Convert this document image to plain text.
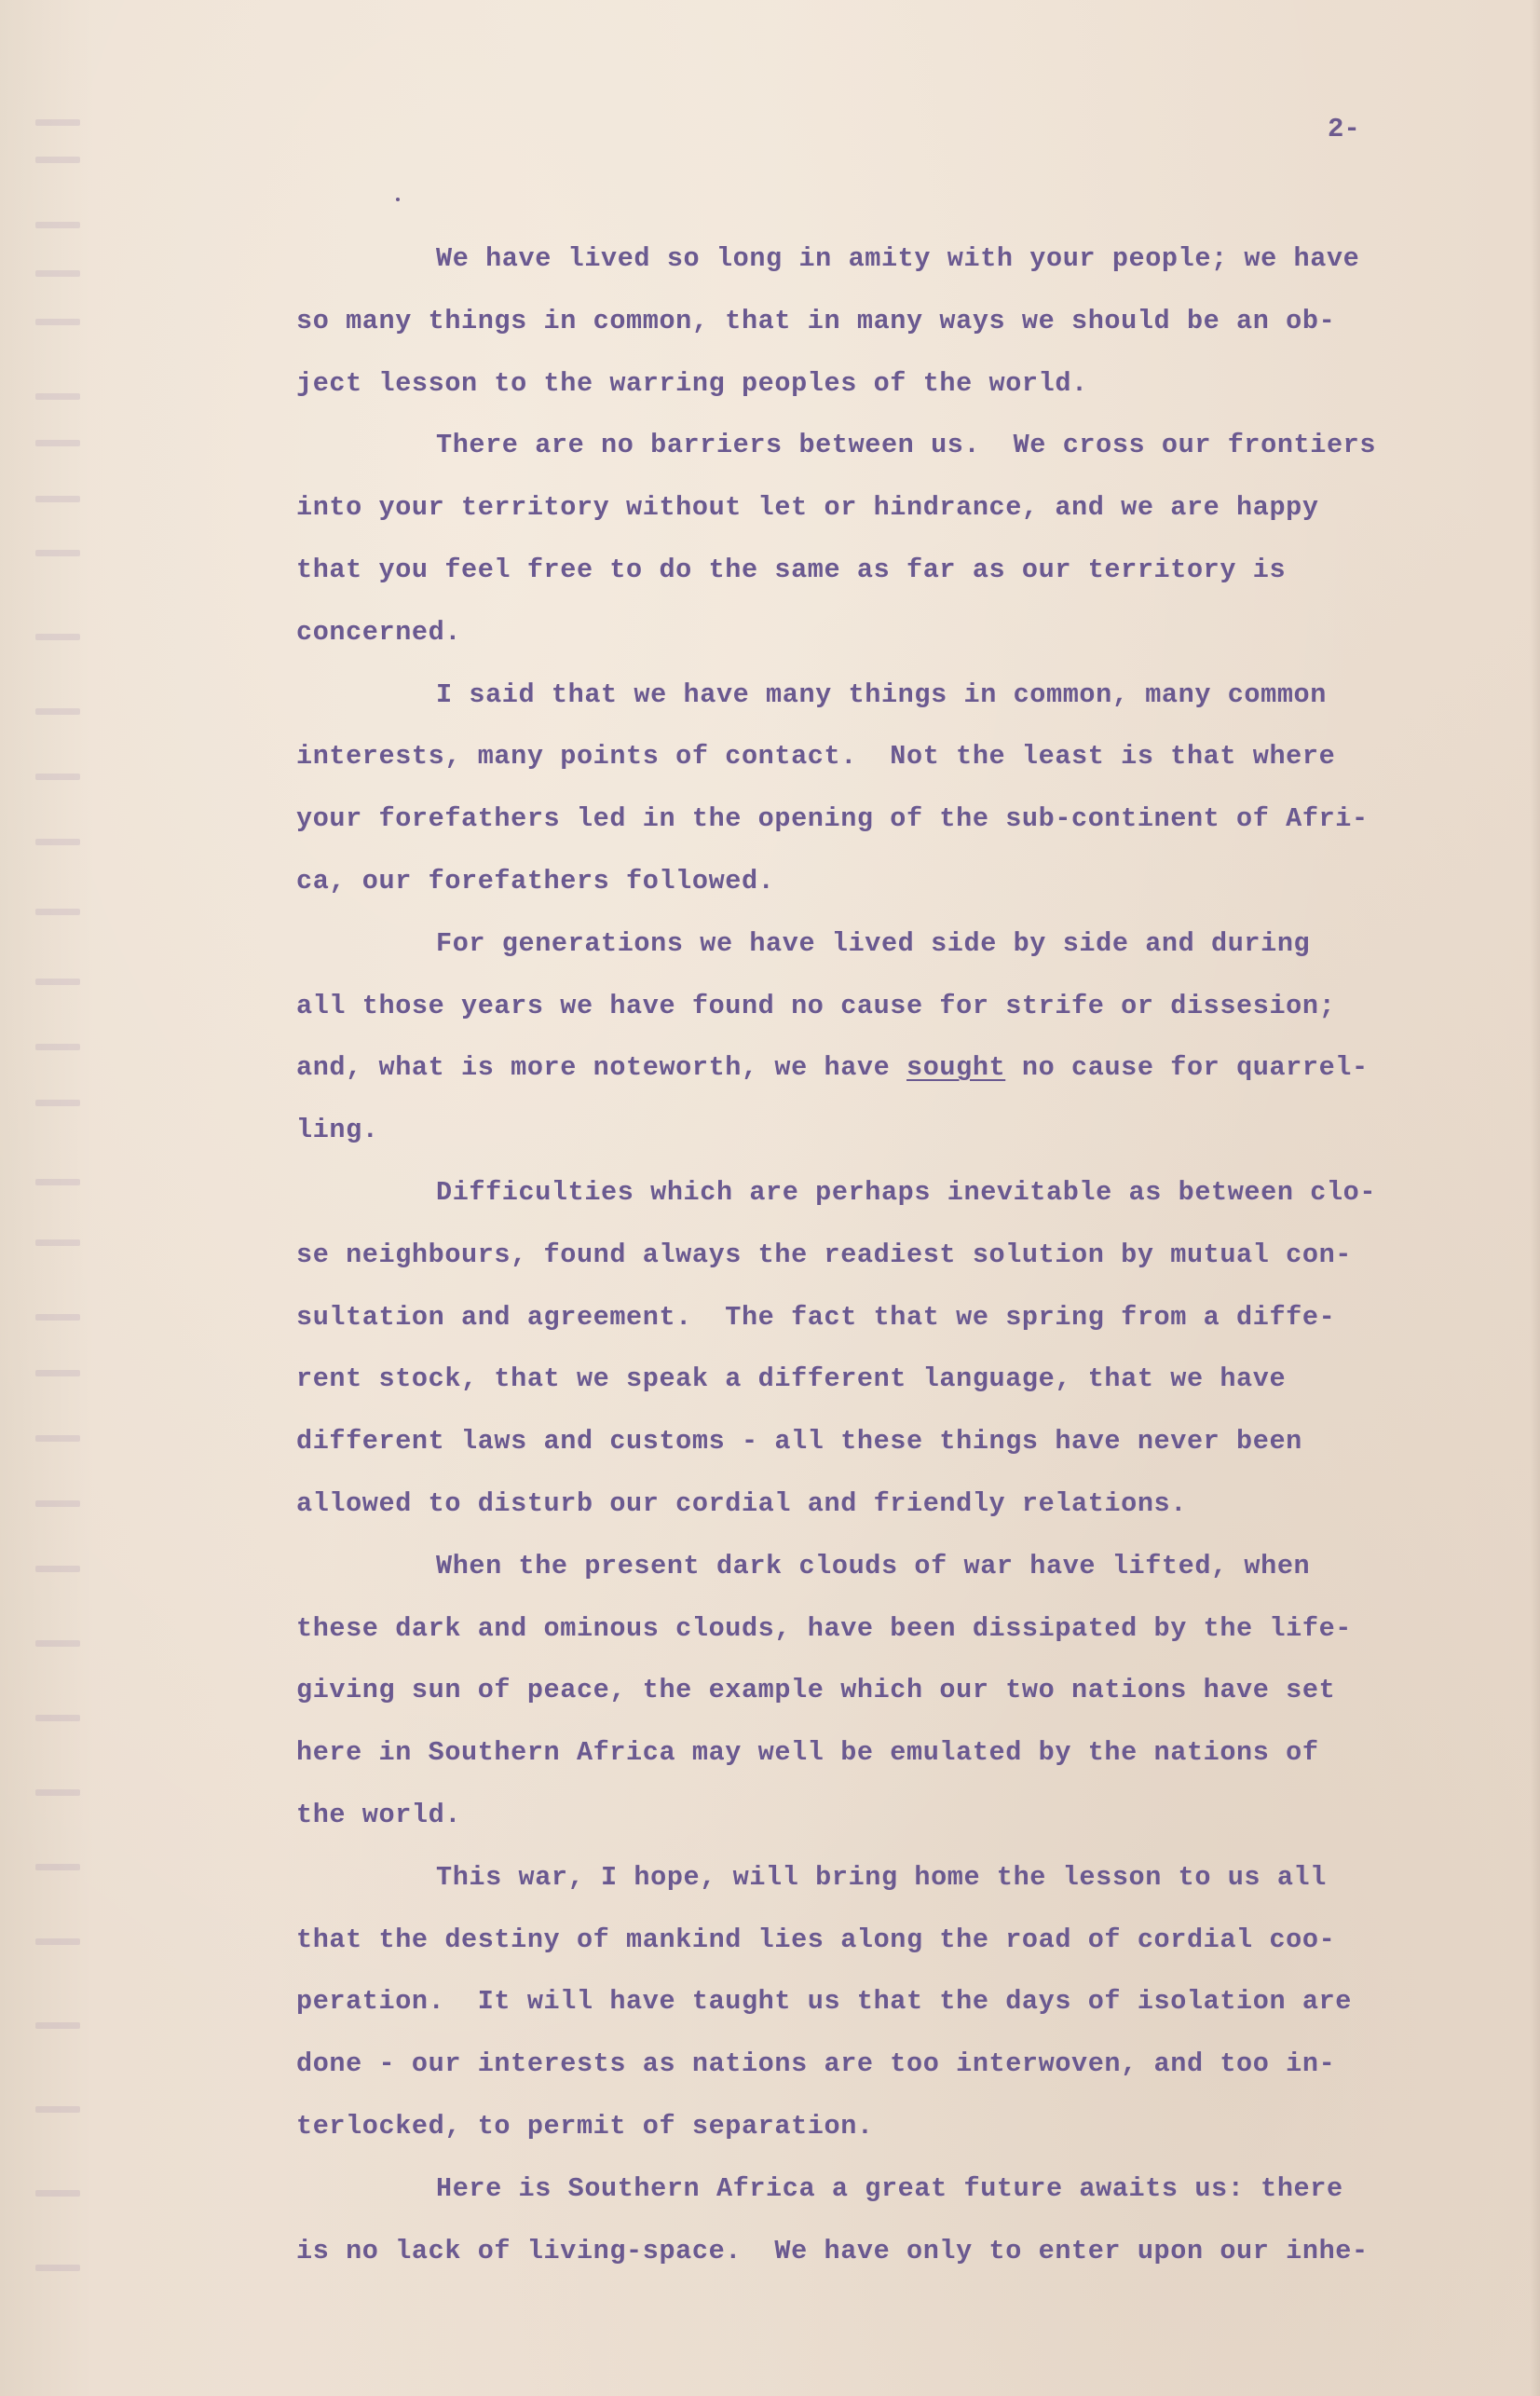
2-
We have lived so long in amity with your people; we have
so many things in common, that in many ways we should be an ob-
ject lesson to the warring peoples of the world.
There are no barriers between us.  We cross our frontiers
into your territory without let or hindrance, and we are happy
that you feel free to do the same as far as our territory is
concerned.
I said that we have many things in common, many common
interests, many points of contact.  Not the least is that where
your forefathers led in the opening of the sub-continent of Afri-
ca, our forefathers followed.
For generations we have lived side by side and during
all those years we have found no cause for strife or dissesion;
and, what is more noteworth, we have sought no cause for quarrel-
ling.
Difficulties which are perhaps inevitable as between clo-
se neighbours, found always the readiest solution by mutual con-
sultation and agreement.  The fact that we spring from a diffe-
rent stock, that we speak a different language, that we have
different laws and customs - all these things have never been
allowed to disturb our cordial and friendly relations.
When the present dark clouds of war have lifted, when
these dark and ominous clouds, have been dissipated by the life-
giving sun of peace, the example which our two nations have set
here in Southern Africa may well be emulated by the nations of
the world.
This war, I hope, will bring home the lesson to us all
that the destiny of mankind lies along the road of cordial coo-
peration.  It will have taught us that the days of isolation are
done - our interests as nations are too interwoven, and too in-
terlocked, to permit of separation.
Here is Southern Africa a great future awaits us: there
is no lack of living-space.  We have only to enter upon our inhe-
